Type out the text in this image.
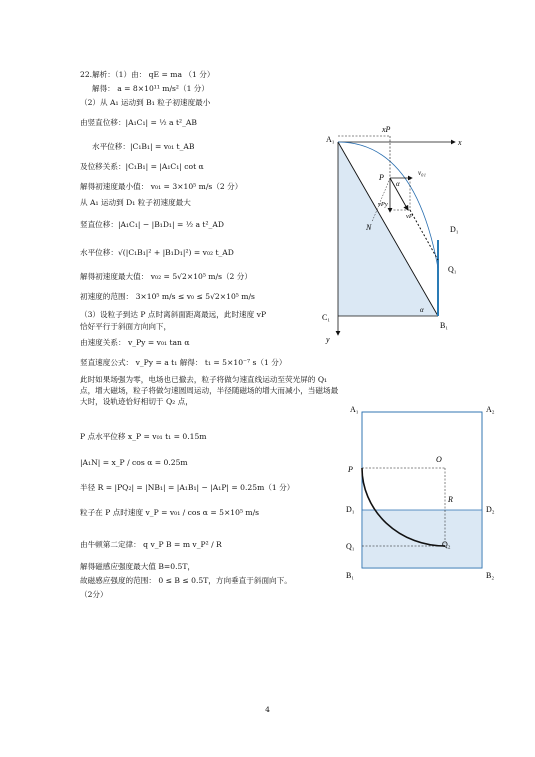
22.解析：（1）由： qE = ma （1 分）
解得： a = 8×10¹¹ m/s²（1 分）
（2）从 A₁ 运动到 B₁ 粒子初速度最小
由竖直位移：|A₁C₁| = ½ a t²_AB
水平位移：|C₁B₁| = v₀₁ t_AB
及位移关系：|C₁B₁| = |A₁C₁| cot α
解得初速度最小值： v₀₁ = 3×10⁵ m/s（2 分）
从 A₁ 运动到 D₁ 粒子初速度最大
竖直位移：|A₁C₁| − |B₁D₁| = ½ a t²_AD
水平位移：√(|C₁B₁|² + |B₁D₁|²) = v₀₂ t_AD
解得初速度最大值： v₀₂ = 5√2×10⁵ m/s（2 分）
初速度的范围： 3×10⁵ m/s ≤ v₀ ≤ 5√2×10⁵ m/s
（3）设粒子到达 P 点时离斜面距离最远，此时速度 vP
恰好平行于斜面方向向下，
由速度关系： v_Py = v₀₁ tan α
竖直速度公式： v_Py = a t₁ 解得： t₁ = 5×10⁻⁷ s（1 分）
此时如果场强为零，电场也已撤去，粒子将做匀速直线运动至荧光屏的 Q₁ 点，增大磁场，粒子将做匀速圆周运动，半径随磁场的增大而减小，当磁场最大时，设轨迹恰好相切于 Q₂ 点，
P 点水平位移 x_P = v₀₁ t₁ = 0.15m
|A₁N| = x_P / cos α = 0.25m
半径 R = |PQ₂| = |NB₁| = |A₁B₁| − |A₁P| = 0.25m（1 分）
粒子在 P 点时速度 v_P = v₀₁ / cos α = 5×10⁵ m/s
由牛顿第二定律： q v_P B = m v_P² / R
解得磁感应强度最大值 B=0.5T，
故磁感应强度的范围： 0 ≤ B ≤ 0.5T，方向垂直于斜面向下。
（2分）
A₁
xP
x
P
α
v₀₁
vPy
vP
D₁
N
Q₁
C₁
α
B₁
y
A₁	A₂
O
P
R
D₁	D₂
Q₁	Q₂
B₁	B₂
4
